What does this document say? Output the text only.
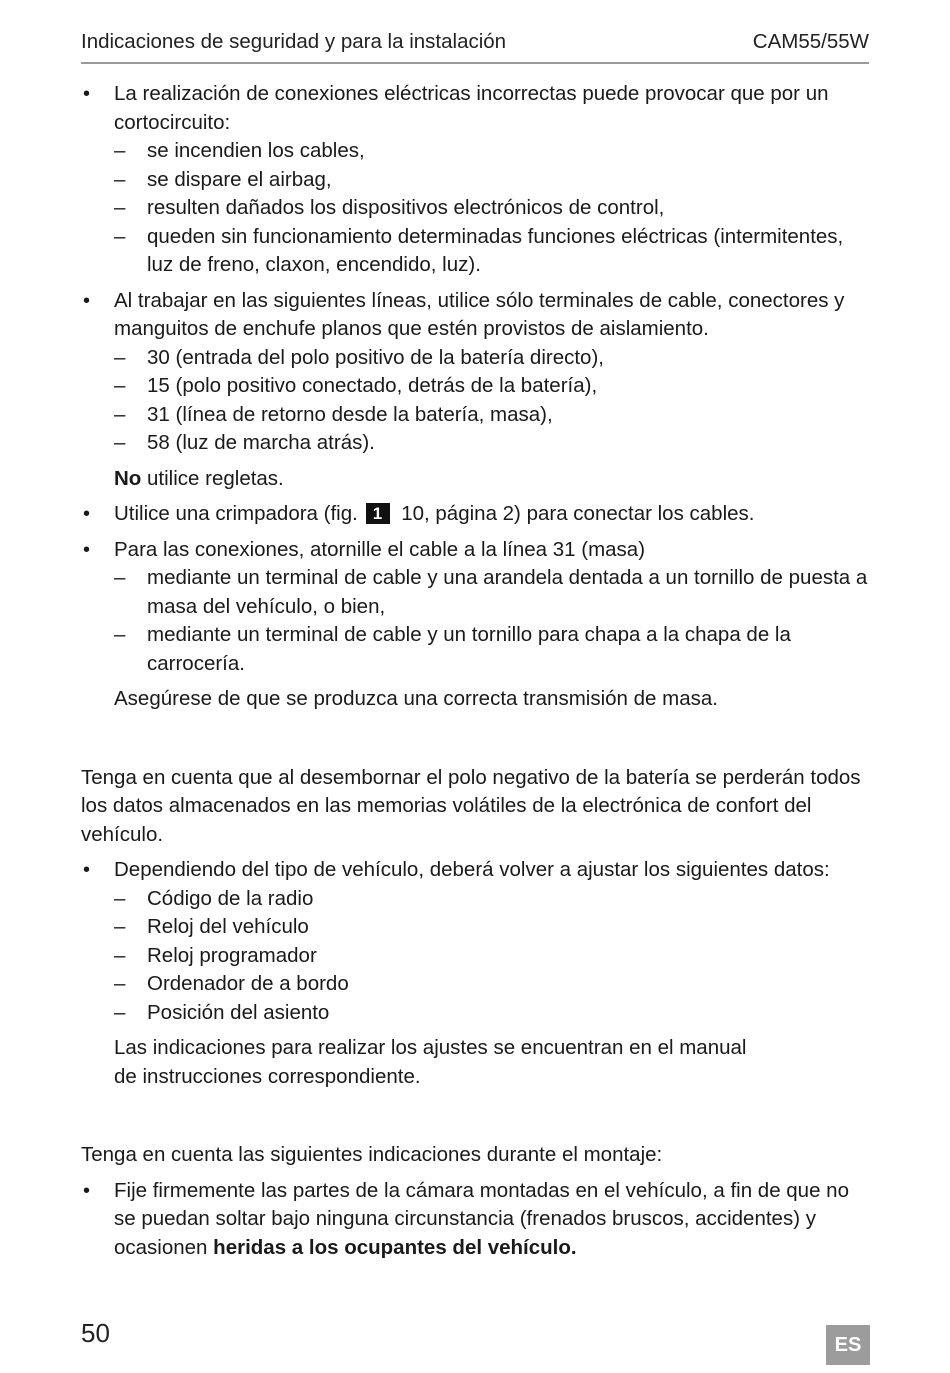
Indicaciones de seguridad y para la instalación	CAM55/55W
• La realización de conexiones eléctricas incorrectas puede provocar que por un cortocircuito:
– se incendien los cables,
– se dispare el airbag,
– resulten dañados los dispositivos electrónicos de control,
– queden sin funcionamiento determinadas funciones eléctricas (intermitentes, luz de freno, claxon, encendido, luz).
• Al trabajar en las siguientes líneas, utilice sólo terminales de cable, conectores y manguitos de enchufe planos que estén provistos de aislamiento.
– 30 (entrada del polo positivo de la batería directo),
– 15 (polo positivo conectado, detrás de la batería),
– 31 (línea de retorno desde la batería, masa),
– 58 (luz de marcha atrás).
No utilice regletas.
• Utilice una crimpadora (fig. 1 10, página 2) para conectar los cables.
• Para las conexiones, atornille el cable a la línea 31 (masa)
– mediante un terminal de cable y una arandela dentada a un tornillo de puesta a masa del vehículo, o bien,
– mediante un terminal de cable y un tornillo para chapa a la chapa de la carrocería.
Asegúrese de que se produzca una correcta transmisión de masa.
Tenga en cuenta que al desembornar el polo negativo de la batería se perderán todos los datos almacenados en las memorias volátiles de la electrónica de confort del vehículo.
• Dependiendo del tipo de vehículo, deberá volver a ajustar los siguientes datos:
– Código de la radio
– Reloj del vehículo
– Reloj programador
– Ordenador de a bordo
– Posición del asiento
Las indicaciones para realizar los ajustes se encuentran en el manual de instrucciones correspondiente.
Tenga en cuenta las siguientes indicaciones durante el montaje:
• Fije firmemente las partes de la cámara montadas en el vehículo, a fin de que no se puedan soltar bajo ninguna circunstancia (frenados bruscos, accidentes) y ocasionen heridas a los ocupantes del vehículo.
50	ES
